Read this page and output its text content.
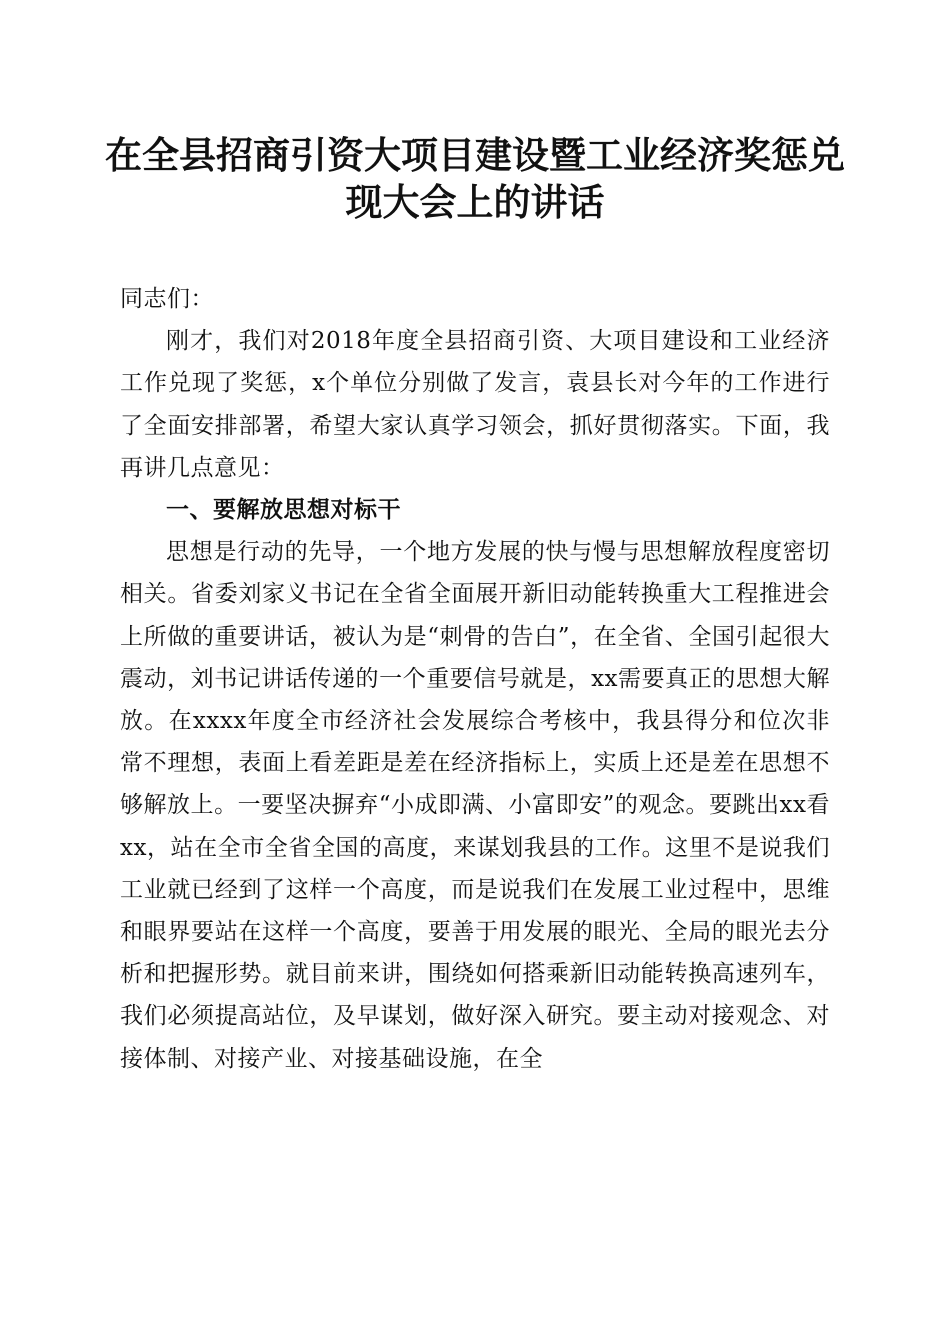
在全县招商引资大项目建设暨工业经济奖惩兑现大会上的讲话

同志们：

刚才，我们对2018年度全县招商引资、大项目建设和工业经济工作兑现了奖惩，x个单位分别做了发言，袁县长对今年的工作进行了全面安排部署，希望大家认真学习领会，抓好贯彻落实。下面，我再讲几点意见：

一、要解放思想对标干

思想是行动的先导，一个地方发展的快与慢与思想解放程度密切相关。省委刘家义书记在全省全面展开新旧动能转换重大工程推进会上所做的重要讲话，被认为是“刺骨的告白”，在全省、全国引起很大震动，刘书记讲话传递的一个重要信号就是，xx需要真正的思想大解放。在xxxx年度全市经济社会发展综合考核中，我县得分和位次非常不理想，表面上看差距是差在经济指标上，实质上还是差在思想不够解放上。一要坚决摒弃“小成即满、小富即安”的观念。要跳出xx看xx，站在全市全省全国的高度，来谋划我县的工作。这里不是说我们工业就已经到了这样一个高度，而是说我们在发展工业过程中，思维和眼界要站在这样一个高度，要善于用发展的眼光、全局的眼光去分析和把握形势。就目前来讲，围绕如何搭乘新旧动能转换高速列车，我们必须提高站位，及早谋划，做好深入研究。要主动对接观念、对接体制、对接产业、对接基础设施，在全
